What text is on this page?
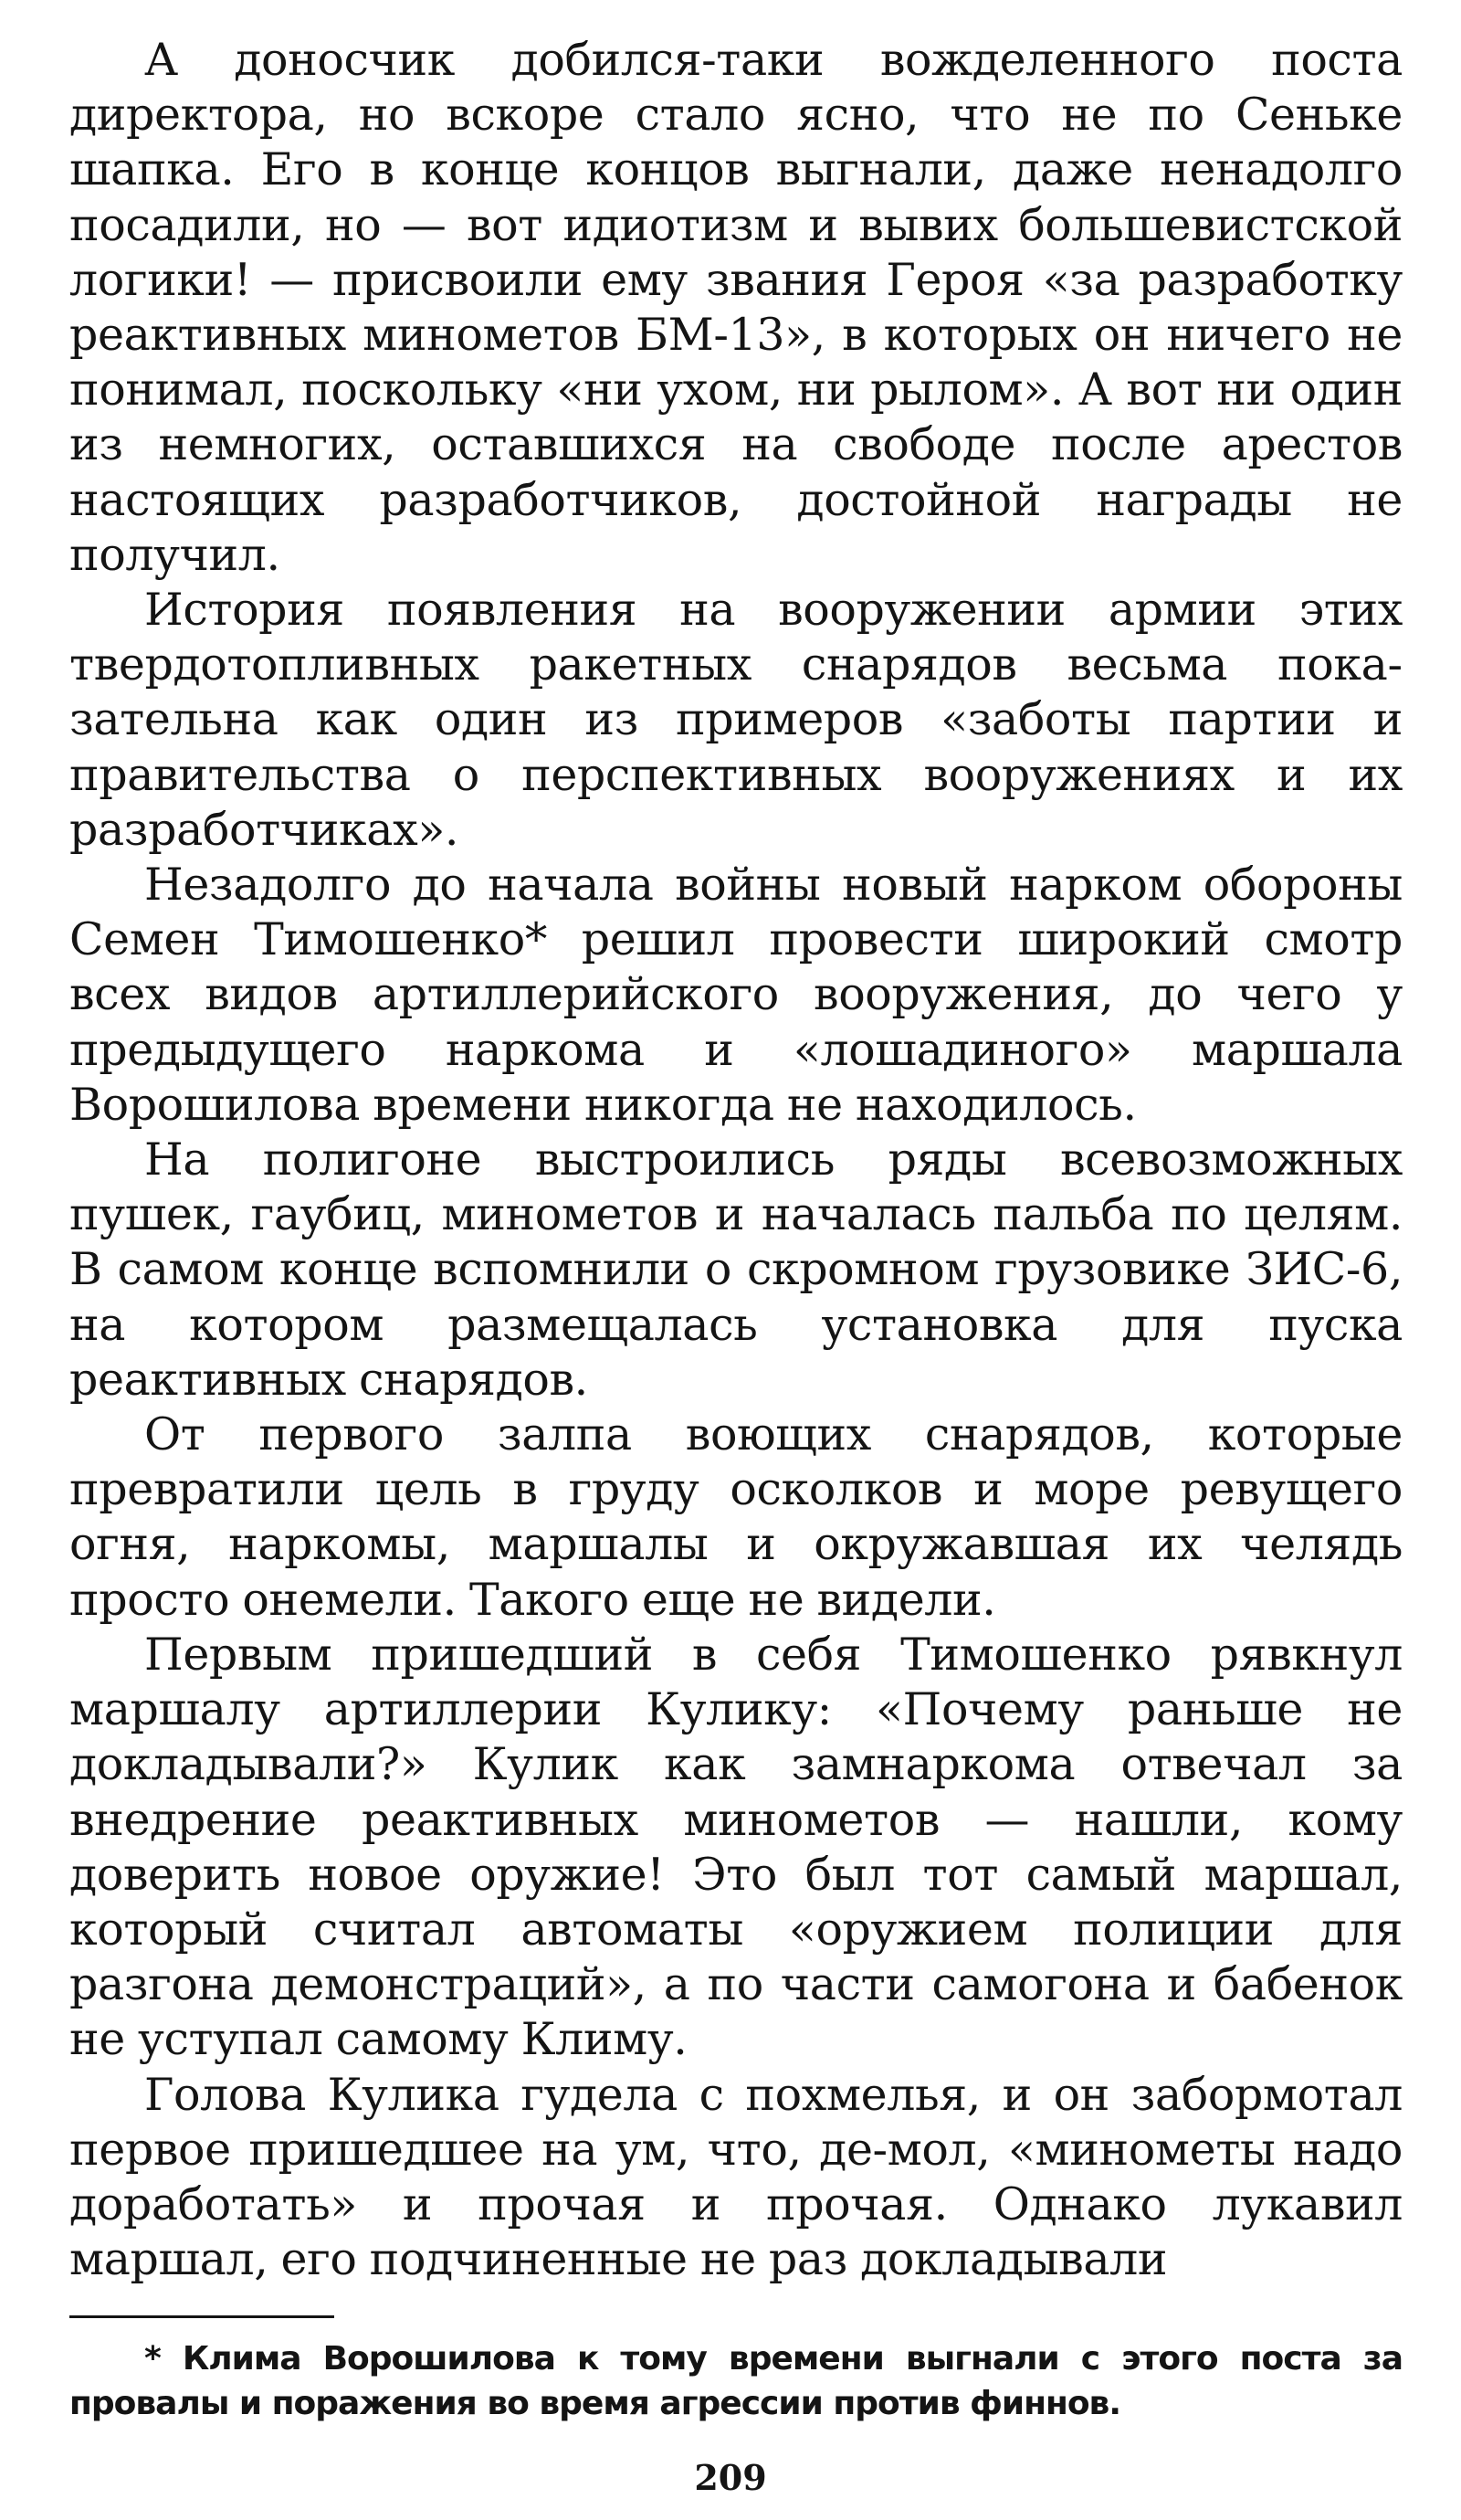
А доносчик добился-таки вожделенного поста директора, но вскоре стало ясно, что не по Сеньке шапка. Его в конце концов выгнали, даже ненадолго посадили, но — вот идиотизм и вывих большевистской логики! — присвоили ему звания Героя «за разработку реактивных минометов БМ-13», в которых он ничего не понимал, поскольку «ни ухом, ни рылом». А вот ни один из немногих, оставшихся на свободе после арестов настоящих разработчиков, достойной награды не получил.

История появления на вооружении армии этих твердотопливных ракетных снарядов весьма показательна как один из примеров «заботы партии и правительства о перспективных вооружениях и их разработчиках».

Незадолго до начала войны новый нарком обороны Семен Тимошенко* решил провести широкий смотр всех видов артиллерийского вооружения, до чего у предыдущего наркома и «лошадиного» маршала Ворошилова времени никогда не находилось.

На полигоне выстроились ряды всевозможных пушек, гаубиц, минометов и началась пальба по целям. В самом конце вспомнили о скромном грузовике ЗИС-6, на котором размещалась установка для пуска реактивных снарядов.

От первого залпа воющих снарядов, которые превратили цель в груду осколков и море ревущего огня, наркомы, маршалы и окружавшая их челядь просто онемели. Такого еще не видели.

Первым пришедший в себя Тимошенко рявкнул маршалу артиллерии Кулику: «Почему раньше не докладывали?» Кулик как замнаркома отвечал за внедрение реактивных минометов — нашли, кому доверить новое оружие! Это был тот самый маршал, который считал автоматы «оружием полиции для разгона демонстраций», а по части самогона и бабенок не уступал самому Климу.

Голова Кулика гудела с похмелья, и он забормотал первое пришедшее на ум, что, де-мол, «минометы надо доработать» и прочая и прочая. Однако лукавил маршал, его подчиненные не раз докладывали

* Клима Ворошилова к тому времени выгнали с этого поста за провалы и поражения во время агрессии против финнов.

209
